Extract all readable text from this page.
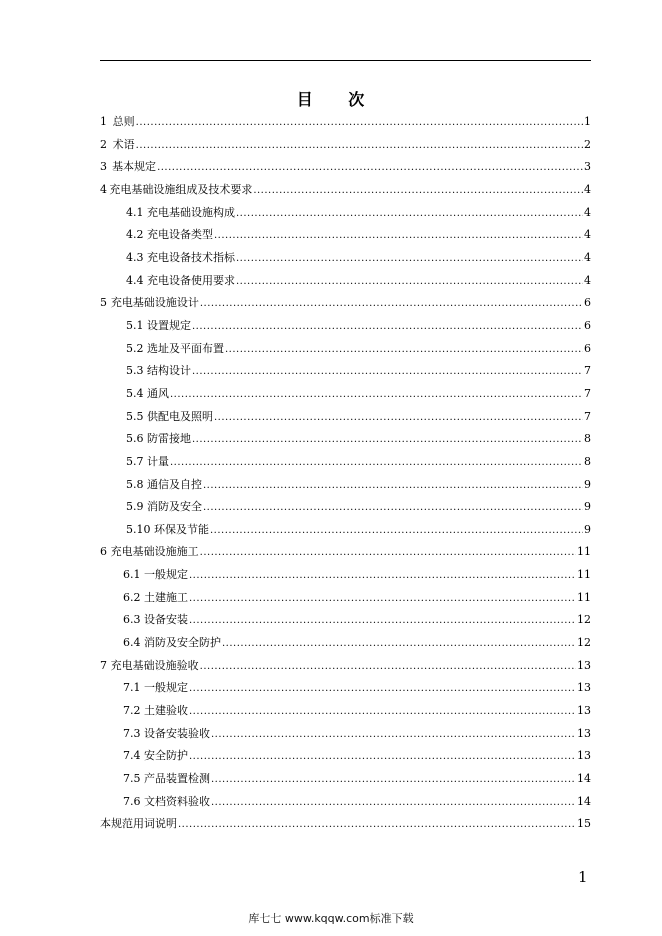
目 次
1 总则 .....	1
2 术语 .....	2
3 基本规定 .....	3
4 充电基础设施组成及技术要求 .....	4
4.1 充电基础设施构成 .....	4
4.2 充电设备类型 .....	4
4.3 充电设备技术指标 .....	4
4.4 充电设备使用要求 .....	4
5 充电基础设施设计 .....	6
5.1 设置规定 .....	6
5.2 选址及平面布置 .....	6
5.3 结构设计 .....	7
5.4 通风 .....	7
5.5 供配电及照明 .....	7
5.6 防雷接地 .....	8
5.7 计量 .....	8
5.8 通信及自控 .....	9
5.9 消防及安全 .....	9
5.10 环保及节能 .....	9
6 充电基础设施施工 .....	11
6.1 一般规定 .....	11
6.2 土建施工 .....	11
6.3 设备安装 .....	12
6.4 消防及安全防护 .....	12
7 充电基础设施验收 .....	13
7.1 一般规定 .....	13
7.2 土建验收 .....	13
7.3 设备安装验收 .....	13
7.4 安全防护 .....	13
7.5 产品装置检测 .....	14
7.6 文档资料验收 .....	14
本规范用词说明 .....	15
1
库七七 www.kqqw.com标准下载
